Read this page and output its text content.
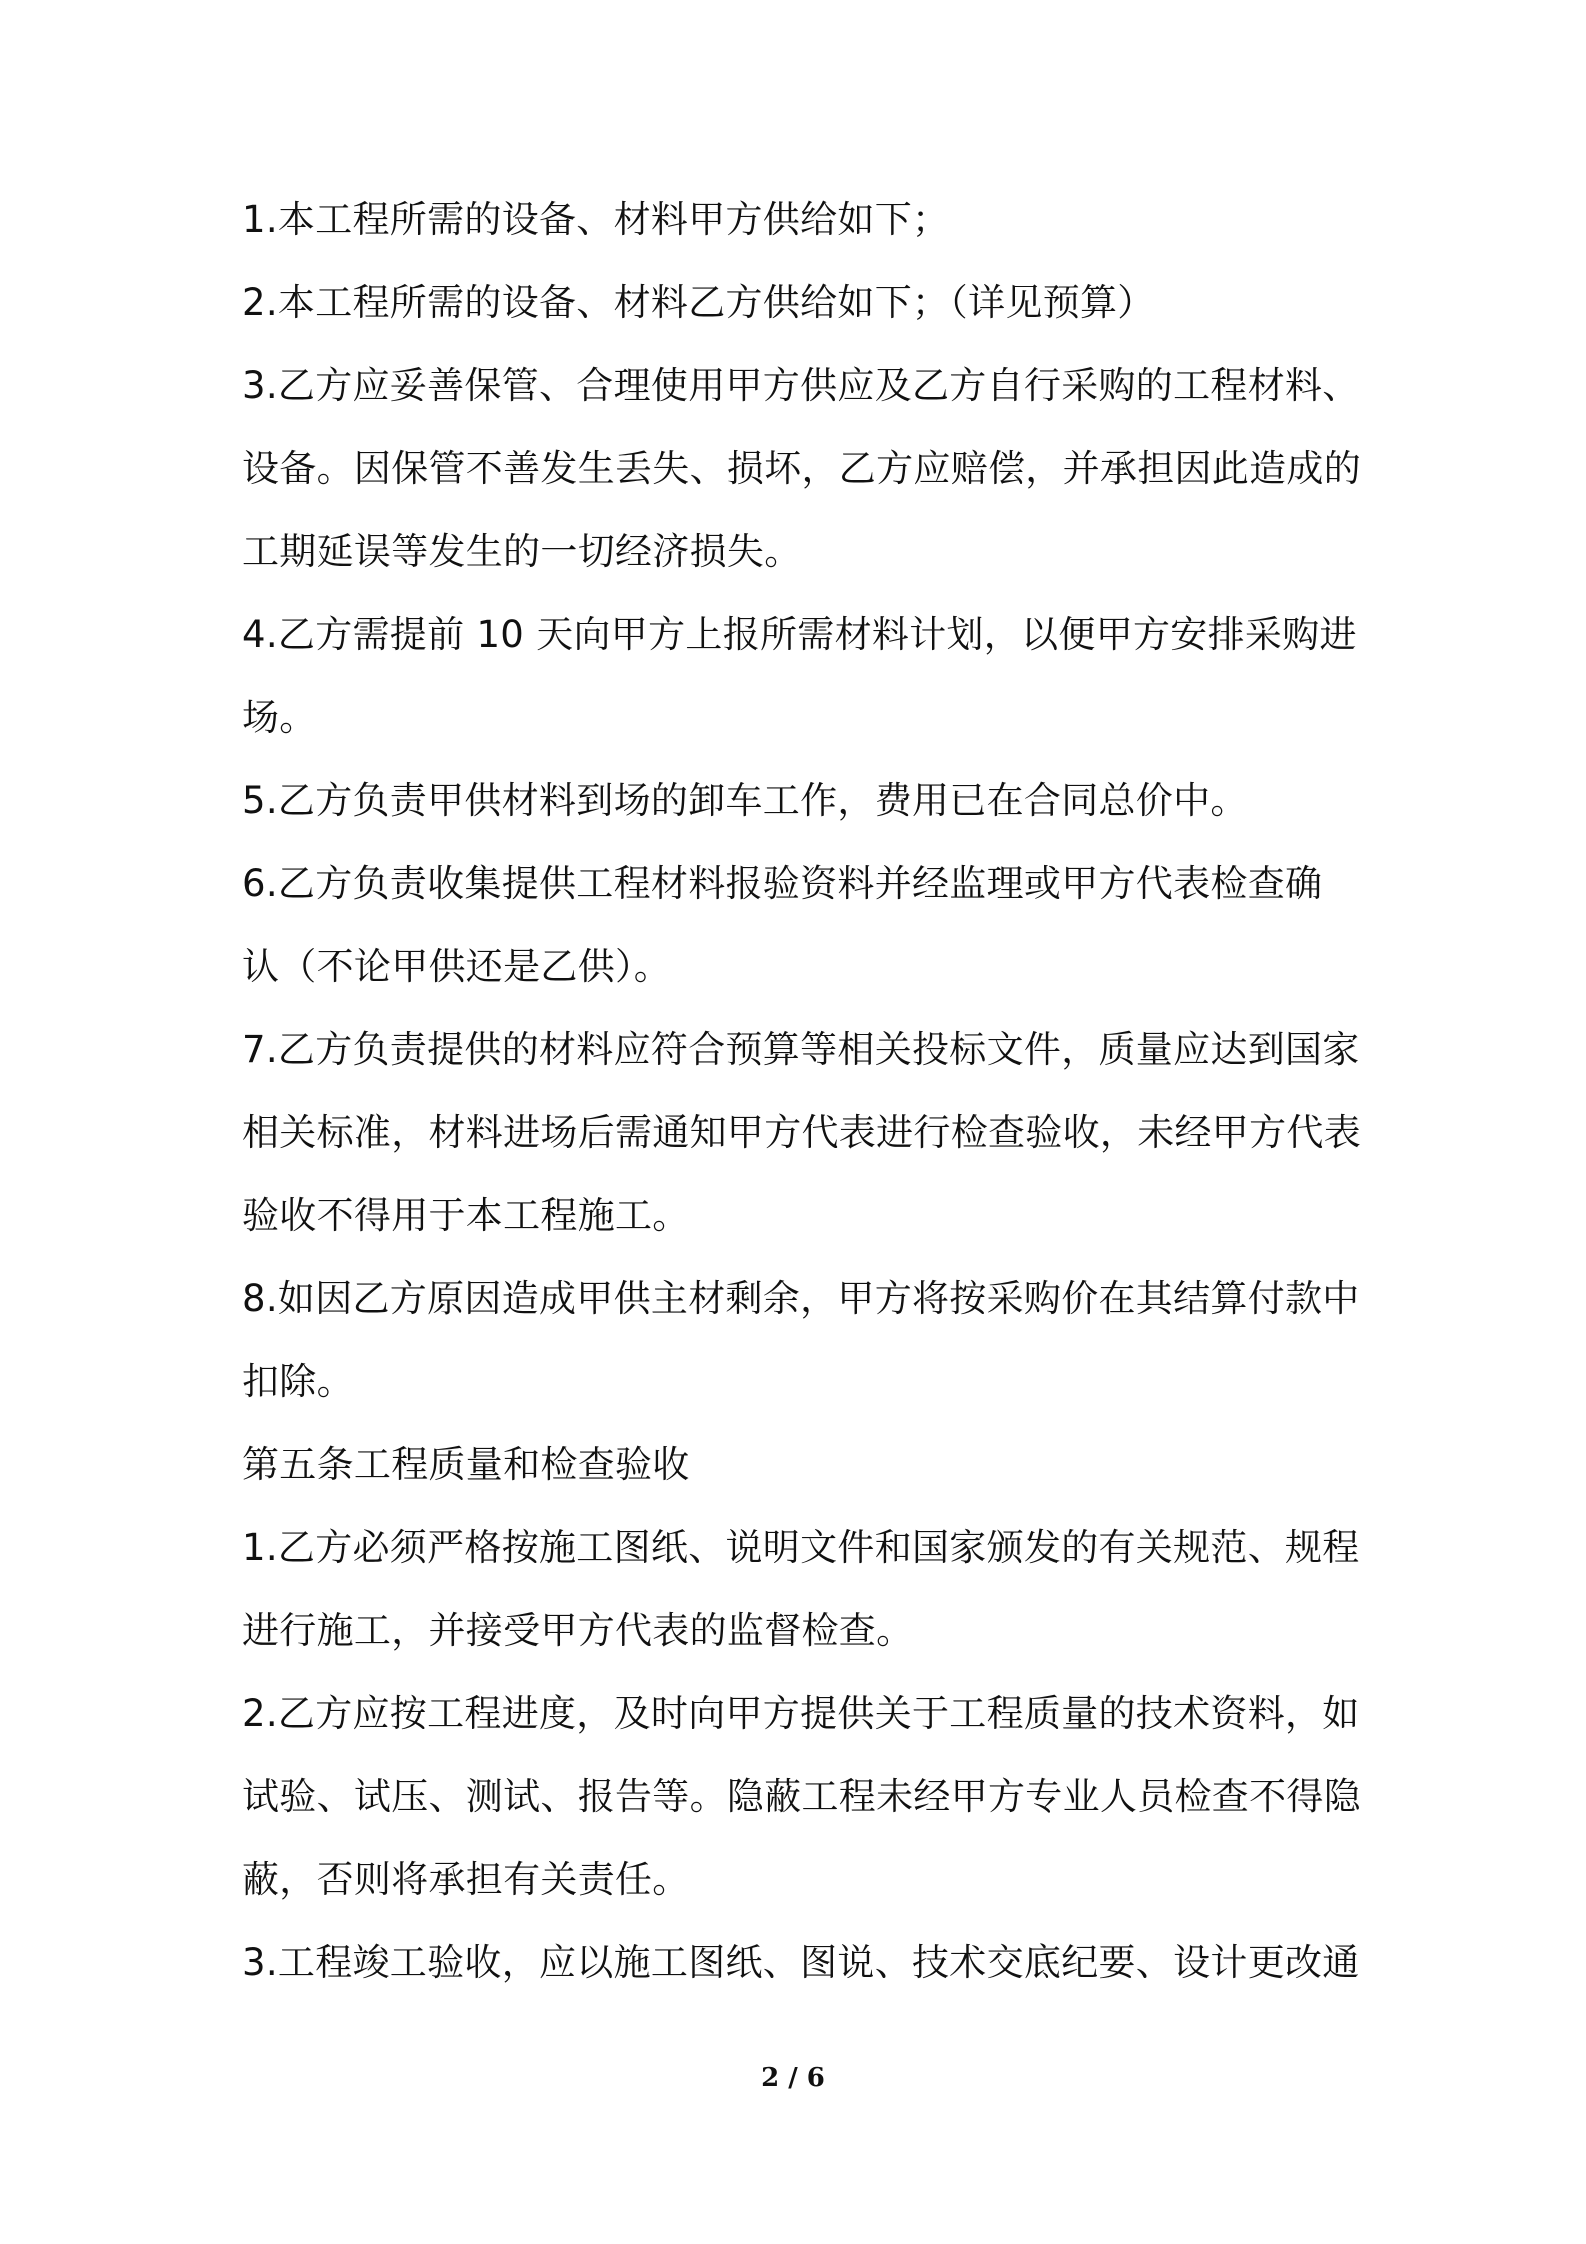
1.本工程所需的设备、材料甲方供给如下；
2.本工程所需的设备、材料乙方供给如下；（详见预算）
3.乙方应妥善保管、合理使用甲方供应及乙方自行采购的工程材料、
设备。因保管不善发生丢失、损坏，乙方应赔偿，并承担因此造成的
工期延误等发生的一切经济损失。
4.乙方需提前 10 天向甲方上报所需材料计划，以便甲方安排采购进
场。
5.乙方负责甲供材料到场的卸车工作，费用已在合同总价中。
6.乙方负责收集提供工程材料报验资料并经监理或甲方代表检查确
认（不论甲供还是乙供）。
7.乙方负责提供的材料应符合预算等相关投标文件，质量应达到国家
相关标准，材料进场后需通知甲方代表进行检查验收，未经甲方代表
验收不得用于本工程施工。
8.如因乙方原因造成甲供主材剩余，甲方将按采购价在其结算付款中
扣除。
第五条工程质量和检查验收
1.乙方必须严格按施工图纸、说明文件和国家颁发的有关规范、规程
进行施工，并接受甲方代表的监督检查。
2.乙方应按工程进度，及时向甲方提供关于工程质量的技术资料，如
试验、试压、测试、报告等。隐蔽工程未经甲方专业人员检查不得隐
蔽，否则将承担有关责任。
3.工程竣工验收，应以施工图纸、图说、技术交底纪要、设计更改通
2 / 6
